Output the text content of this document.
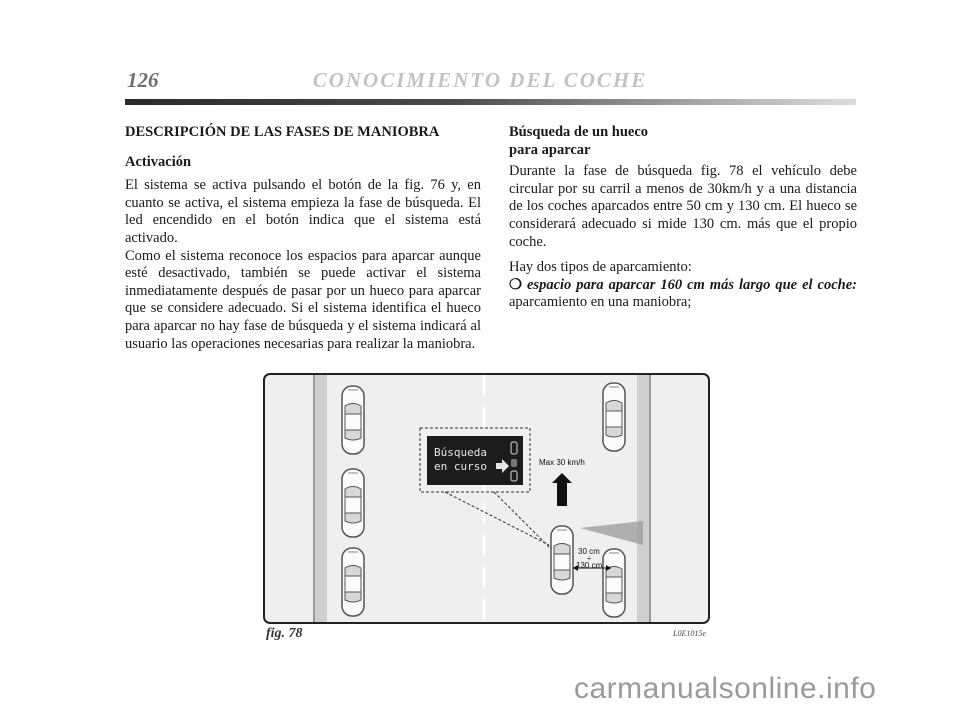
126	CONOCIMIENTO DEL COCHE

DESCRIPCIÓN DE LAS FASES DE MANIOBRA

Activación

El sistema se activa pulsando el botón de la fig. 76 y, en cuanto se activa, el sistema empieza la fase de búsqueda. El led encendido en el botón indica que el sistema está activado.

Como el sistema reconoce los espacios para aparcar aunque esté desactivado, también se puede activar el sistema inmediatamente después de pasar por un hueco para aparcar que se considere adecuado. Si el sistema identifica el hueco para aparcar no hay fase de búsqueda y el sistema indicará al usuario las operaciones necesarias para realizar la maniobra.

Búsqueda de un hueco
para aparcar

Durante la fase de búsqueda fig. 78 el vehículo debe circular por su carril a menos de 30km/h y a una distancia de los coches aparcados entre 50 cm y 130 cm. El hueco se considerará adecuado si mide 130 cm. más que el propio coche.

Hay dos tipos de aparcamiento:

❍ espacio para aparcar 160 cm más largo que el coche: aparcamiento en una maniobra;

Búsqueda
en curso	Max 30 km/h
30 cm
÷
130 cm
fig. 78	L0E1015e
carmanualsonline.info
